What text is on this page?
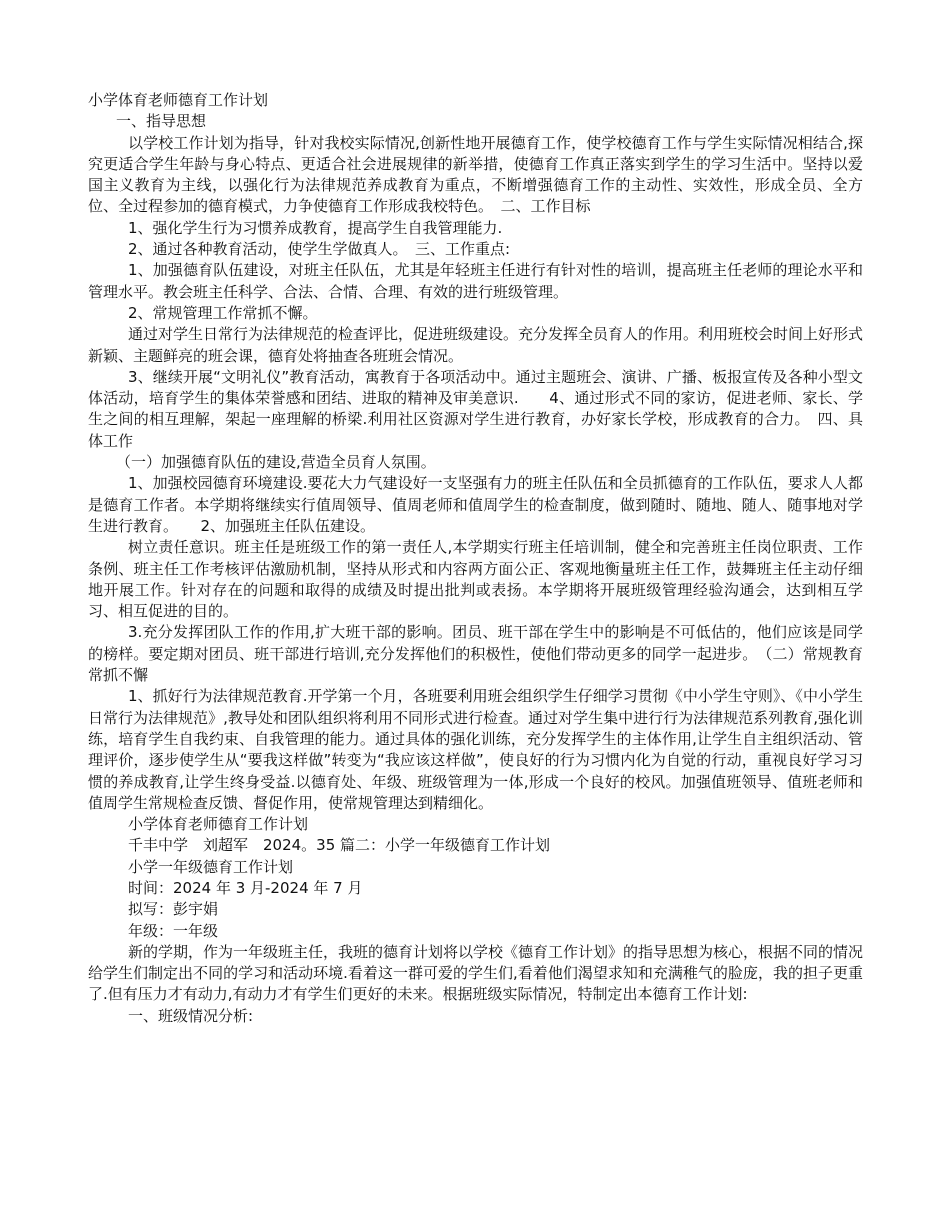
小学体育老师德育工作计划
一、指导思想
以学校工作计划为指导，针对我校实际情况,创新性地开展德育工作，使学校德育工作与学生实际情况相结合,探究更适合学生年龄与身心特点、更适合社会进展规律的新举措，使德育工作真正落实到学生的学习生活中。坚持以爱国主义教育为主线，以强化行为法律规范养成教育为重点，不断增强德育工作的主动性、实效性，形成全员、全方位、全过程参加的德育模式，力争使德育工作形成我校特色。　二、工作目标
1、强化学生行为习惯养成教育，提高学生自我管理能力.
2、通过各种教育活动，使学生学做真人。　三、工作重点:
1、加强德育队伍建设，对班主任队伍，尤其是年轻班主任进行有针对性的培训，提高班主任老师的理论水平和管理水平。教会班主任科学、合法、合情、合理、有效的进行班级管理。
2、常规管理工作常抓不懈。
通过对学生日常行为法律规范的检查评比，促进班级建设。充分发挥全员育人的作用。利用班校会时间上好形式新颖、主题鲜亮的班会课，德育处将抽查各班班会情况。
3、继续开展“文明礼仪”教育活动，寓教育于各项活动中。通过主题班会、演讲、广播、板报宣传及各种小型文体活动，培育学生的集体荣誉感和团结、进取的精神及审美意识.　　4、通过形式不同的家访，促进老师、家长、学生之间的相互理解，架起一座理解的桥梁.利用社区资源对学生进行教育，办好家长学校，形成教育的合力。　四、具体工作
（一）加强德育队伍的建设,营造全员育人氛围。
1、加强校园德育环境建设.要花大力气建设好一支坚强有力的班主任队伍和全员抓德育的工作队伍，要求人人都是德育工作者。本学期将继续实行值周领导、值周老师和值周学生的检查制度，做到随时、随地、随人、随事地对学生进行教育。　　2、加强班主任队伍建设。
树立责任意识。班主任是班级工作的第一责任人,本学期实行班主任培训制，健全和完善班主任岗位职责、工作条例、班主任工作考核评估激励机制，坚持从形式和内容两方面公正、客观地衡量班主任工作，鼓舞班主任主动仔细地开展工作。针对存在的问题和取得的成绩及时提出批判或表扬。本学期将开展班级管理经验沟通会，达到相互学习、相互促进的目的。
3.充分发挥团队工作的作用,扩大班干部的影响。团员、班干部在学生中的影响是不可低估的，他们应该是同学的榜样。要定期对团员、班干部进行培训,充分发挥他们的积极性，使他们带动更多的同学一起进步。　（二）常规教育常抓不懈
1、抓好行为法律规范教育.开学第一个月，各班要利用班会组织学生仔细学习贯彻《中小学生守则》、《中小学生日常行为法律规范》,教导处和团队组织将利用不同形式进行检查。通过对学生集中进行行为法律规范系列教育,强化训练，培育学生自我约束、自我管理的能力。通过具体的强化训练，充分发挥学生的主体作用,让学生自主组织活动、管理评价，逐步使学生从“要我这样做”转变为“我应该这样做”，使良好的行为习惯内化为自觉的行动，重视良好学习习惯的养成教育,让学生终身受益.以德育处、年级、班级管理为一体,形成一个良好的校风。加强值班领导、值班老师和值周学生常规检查反馈、督促作用，使常规管理达到精细化。
小学体育老师德育工作计划
千丰中学　刘超军　2024。35 篇二：小学一年级德育工作计划
小学一年级德育工作计划
时间：2024 年 3 月-2024 年 7 月
拟写：彭宇娟
年级：一年级
新的学期，作为一年级班主任，我班的德育计划将以学校《德育工作计划》的指导思想为核心，根据不同的情况给学生们制定出不同的学习和活动环境.看着这一群可爱的学生们,看着他们渴望求知和充满稚气的脸庞，我的担子更重了.但有压力才有动力,有动力才有学生们更好的未来。根据班级实际情况，特制定出本德育工作计划:
一、班级情况分析:
